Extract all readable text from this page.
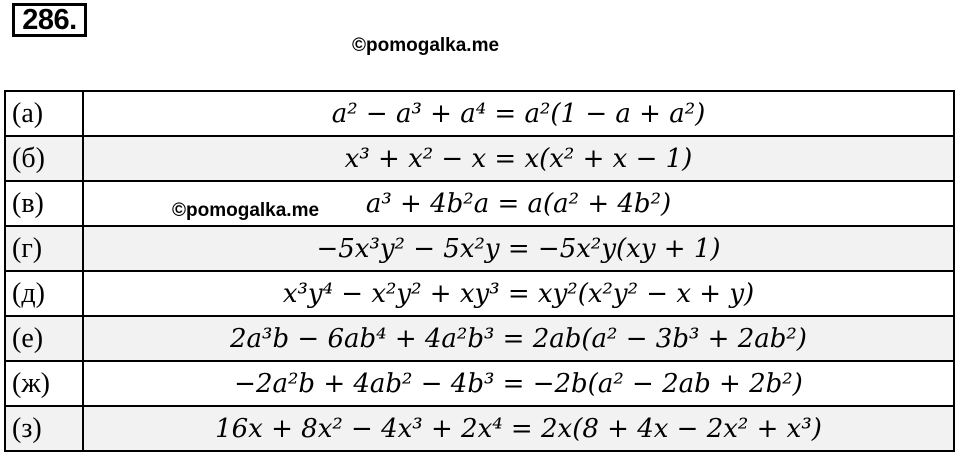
286.
©pomogalka.me
(а)	a² − a³ + a⁴ = a²(1 − a + a²)
(б)	x³ + x² − x = x(x² + x − 1)
(в)	a³ + 4b²a = a(a² + 4b²)
(г)	−5x³y² − 5x²y = −5x²y(xy + 1)
(д)	x³y⁴ − x²y² + xy³ = xy²(x²y² − x + y)
(е)	2a³b − 6ab⁴ + 4a²b³ = 2ab(a² − 3b³ + 2ab²)
(ж)	−2a²b + 4ab² − 4b³ = −2b(a² − 2ab + 2b²)
(з)	16x + 8x² − 4x³ + 2x⁴ = 2x(8 + 4x − 2x² + x³)
©pomogalka.me
